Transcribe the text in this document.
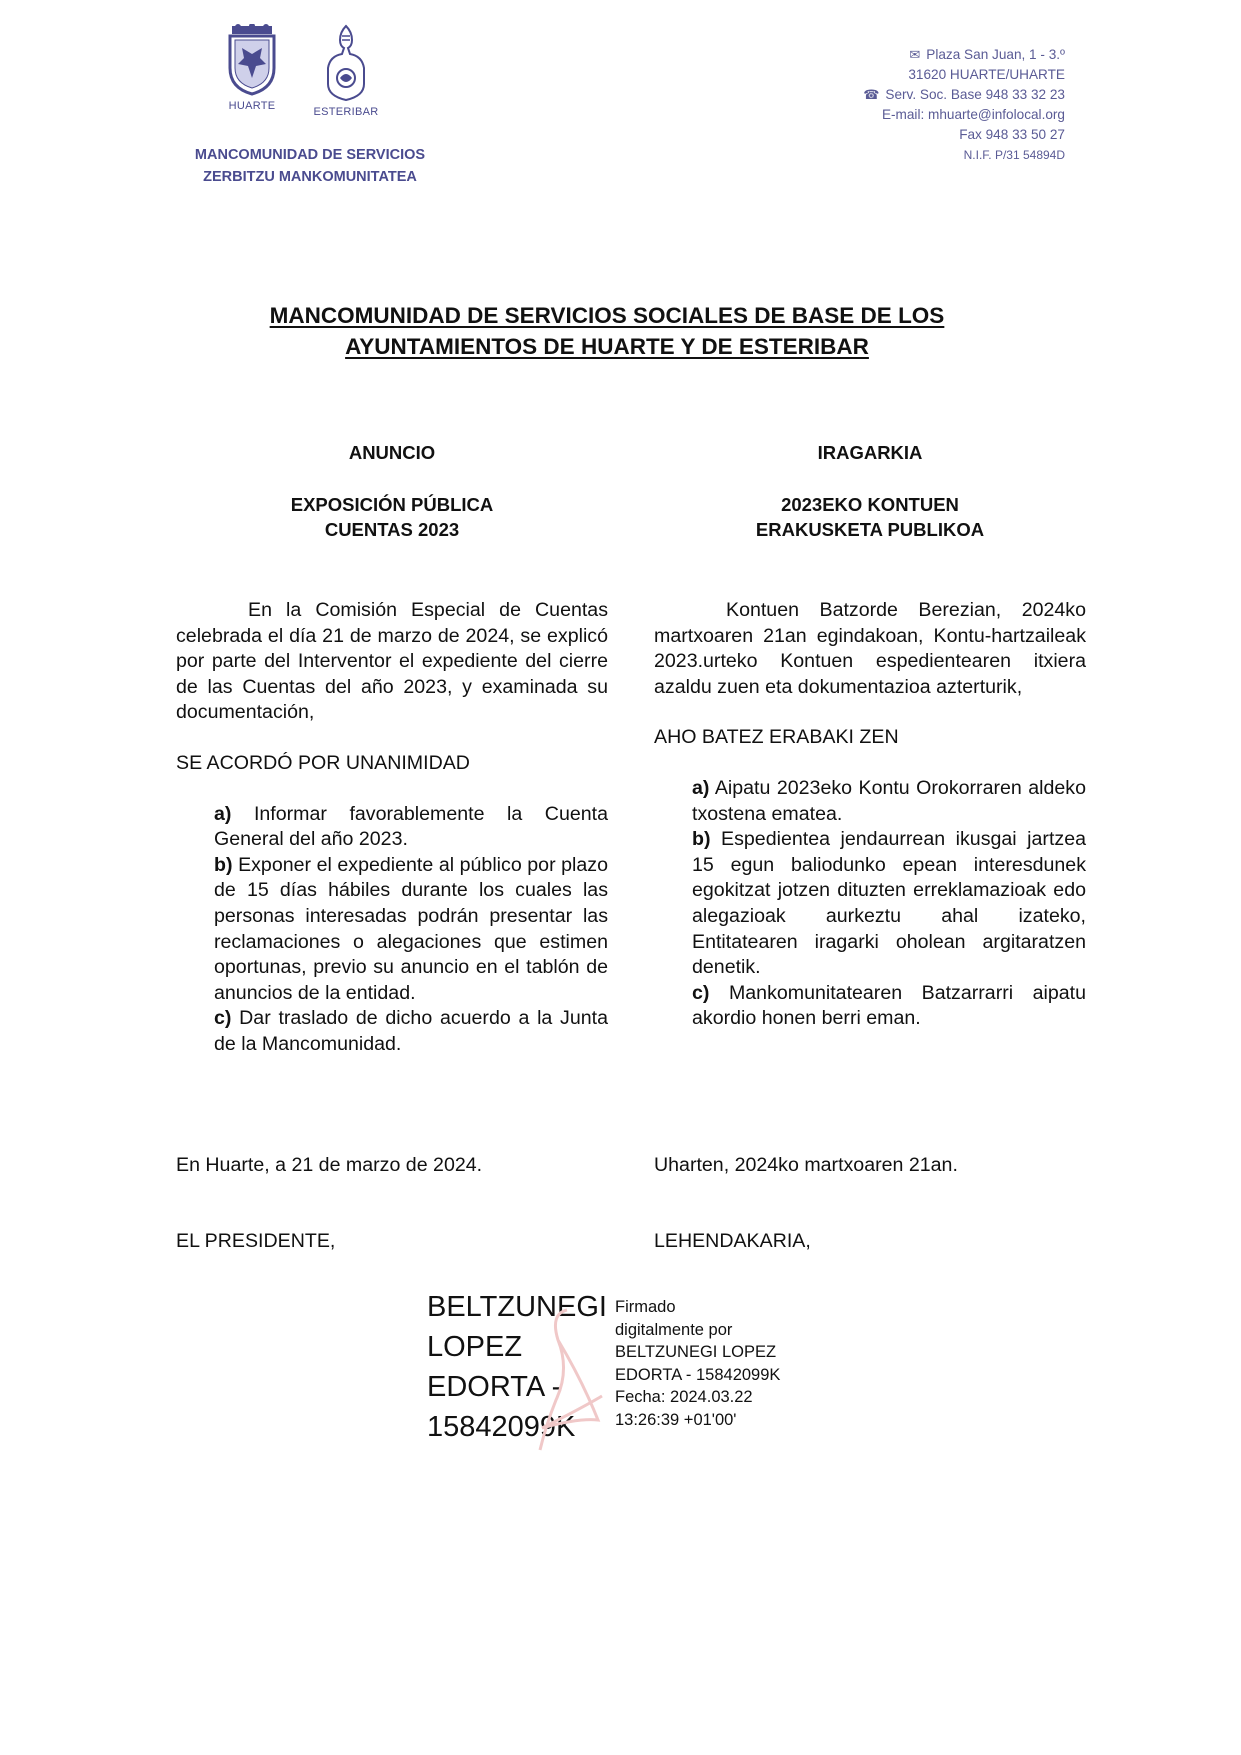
HUARTE	ESTERIBAR
MANCOMUNIDAD DE SERVICIOS
ZERBITZU MANKOMUNITATEA
✉ Plaza San Juan, 1 - 3.º
31620 HUARTE/UHARTE
☎ Serv. Soc. Base 948 33 32 23
E-mail: mhuarte@infolocal.org
Fax 948 33 50 27
N.I.F. P/31 54894D
MANCOMUNIDAD DE SERVICIOS SOCIALES DE BASE DE LOS
AYUNTAMIENTOS DE HUARTE Y DE ESTERIBAR
ANUNCIO
EXPOSICIÓN PÚBLICA
CUENTAS 2023
En la Comisión Especial de Cuentas celebrada el día 21 de marzo de 2024, se explicó por parte del Interventor el expediente del cierre de las Cuentas del año 2023, y examinada su documentación,
SE ACORDÓ POR UNANIMIDAD

a) Informar favorablemente la Cuenta General del año 2023.

b) Exponer el expediente al público por plazo de 15 días hábiles durante los cuales las personas interesadas podrán presentar las reclamaciones o alegaciones que estimen oportunas, previo su anuncio en el tablón de anuncios de la entidad.

c) Dar traslado de dicho acuerdo a la Junta de la Mancomunidad.

IRAGARKIA
2023EKO KONTUEN
ERAKUSKETA PUBLIKOA
Kontuen Batzorde Berezian, 2024ko martxoaren 21an egindakoan, Kontu-hartzaileak 2023.urteko Kontuen espedientearen itxiera azaldu zuen eta dokumentazioa azterturik,
AHO BATEZ ERABAKI ZEN

a) Aipatu 2023eko Kontu Orokorraren aldeko txostena ematea.

b) Espedientea jendaurrean ikusgai jartzea 15 egun baliodunko epean interesdunek egokitzat jotzen dituzten erreklamazioak edo alegazioak aurkeztu ahal izateko, Entitatearen iragarki oholean argitaratzen denetik.

c) Mankomunitatearen Batzarrarri aipatu akordio honen berri eman.

En Huarte, a 21 de marzo de 2024.	Uharten, 2024ko martxoaren 21an.
EL PRESIDENTE,	LEHENDAKARIA,
BELTZUNEGI
LOPEZ
EDORTA -
15842099K
Firmado
digitalmente por
BELTZUNEGI LOPEZ
EDORTA - 15842099K
Fecha: 2024.03.22
13:26:39 +01'00'
